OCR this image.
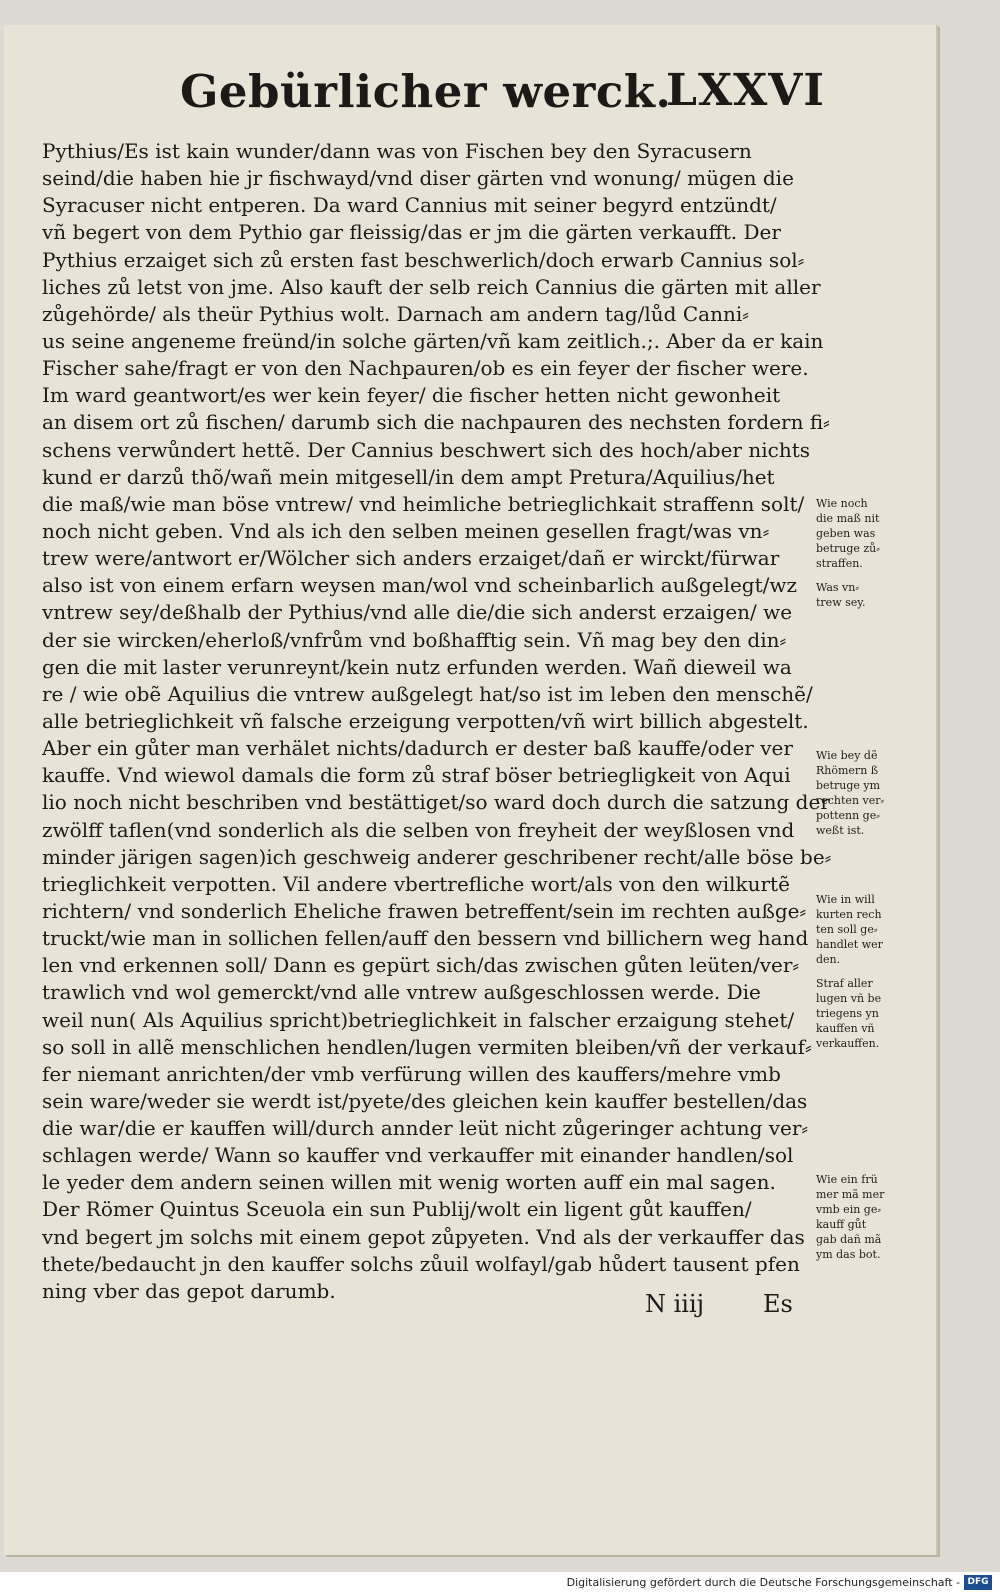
Gebürlicher werck.
LXXVI
Pythius/Es ist kain wunder/dann was von Fischen bey den Syracusern
seind/die haben hie jr fischwayd/vnd diser gärten vnd wonung/ mügen die
Syracuser nicht entperen. Da ward Cannius mit seiner begyrd entzündt/
vñ begert von dem Pythio gar fleissig/das er jm die gärten verkaufft. Der
Pythius erzaiget sich zů ersten fast beschwerlich/doch erwarb Cannius sol⸗
liches zů letst von jme. Also kauft der selb reich Cannius die gärten mit aller
zůgehörde/ als theür Pythius wolt. Darnach am andern tag/lůd Canni⸗
us seine angeneme freünd/in solche gärten/vñ kam zeitlich.;. Aber da er kain
Fischer sahe/fragt er von den Nachpauren/ob es ein feyer der fischer were.
Im ward geantwort/es wer kein feyer/ die fischer hetten nicht gewonheit
an disem ort zů fischen/ darumb sich die nachpauren des nechsten fordern fi⸗
schens verwůndert hettẽ. Der Cannius beschwert sich des hoch/aber nichts
kund er darzů thõ/wañ mein mitgesell/in dem ampt Pretura/Aquilius/het
die maß/wie man böse vntrew/ vnd heimliche betrieglichkait straffenn solt/
noch nicht geben. Vnd als ich den selben meinen gesellen fragt/was vn⸗
trew were/antwort er/Wölcher sich anders erzaiget/dañ er wirckt/fürwar
also ist von einem erfarn weysen man/wol vnd scheinbarlich außgelegt/wz
vntrew sey/deßhalb der Pythius/vnd alle die/die sich anderst erzaigen/ we
der sie wircken/eherloß/vnfrům vnd boßhafftig sein. Vñ mag bey den din⸗
gen die mit laster verunreynt/kein nutz erfunden werden. Wañ dieweil wa
re / wie obẽ Aquilius die vntrew außgelegt hat/so ist im leben den menschẽ/
alle betrieglichkeit vñ falsche erzeigung verpotten/vñ wirt billich abgestelt.
Aber ein gůter man verhälet nichts/dadurch er dester baß kauffe/oder ver
kauffe. Vnd wiewol damals die form zů straf böser betriegligkeit von Aqui
lio noch nicht beschriben vnd bestättiget/so ward doch durch die satzung der
zwölff taflen(vnd sonderlich als die selben von freyheit der weyßlosen vnd
minder järigen sagen)ich geschweig anderer geschribener recht/alle böse be⸗
trieglichkeit verpotten. Vil andere vbertrefliche wort/als von den wilkurtẽ
richtern/ vnd sonderlich Eheliche frawen betreffent/sein im rechten außge⸗
truckt/wie man in sollichen fellen/auff den bessern vnd billichern weg hand
len vnd erkennen soll/ Dann es gepürt sich/das zwischen gůten leüten/ver⸗
trawlich vnd wol gemerckt/vnd alle vntrew außgeschlossen werde. Die
weil nun( Als Aquilius spricht)betrieglichkeit in falscher erzaigung stehet/
so soll in allẽ menschlichen hendlen/lugen vermiten bleiben/vñ der verkauf⸗
fer niemant anrichten/der vmb verfürung willen des kauffers/mehre vmb
sein ware/weder sie werdt ist/pyete/des gleichen kein kauffer bestellen/das
die war/die er kauffen will/durch annder leüt nicht zůgeringer achtung ver⸗
schlagen werde/ Wann so kauffer vnd verkauffer mit einander handlen/sol
le yeder dem andern seinen willen mit wenig worten auff ein mal sagen.
Der Römer Quintus Sceuola ein sun Publij/wolt ein ligent gůt kauffen/
vnd begert jm solchs mit einem gepot zůpyeten. Vnd als der verkauffer das
thete/bedaucht jn den kauffer solchs zůuil wolfayl/gab hůdert tausent pfen
ning vber das gepot darumb.	N iiij Es
Wie noch
die maß nit
geben was
betruge zů⸗
straffen.
Was vn⸗
trew sey.
Wie bey dẽ
Rhömern ß
betruge ym
rechten ver⸗
pottenn ge⸗
weßt ist.
Wie in will
kurten rech
ten soll ge⸗
handlet wer
den.
Straf aller
lugen vñ be
triegens yn
kauffen vñ
verkauffen.
Wie ein frü
mer mã mer
vmb ein ge⸗
kauff gůt
gab dañ mã
ym das bot.
Digitalisierung gefördert durch die Deutsche Forschungsgemeinschaft - DFG
